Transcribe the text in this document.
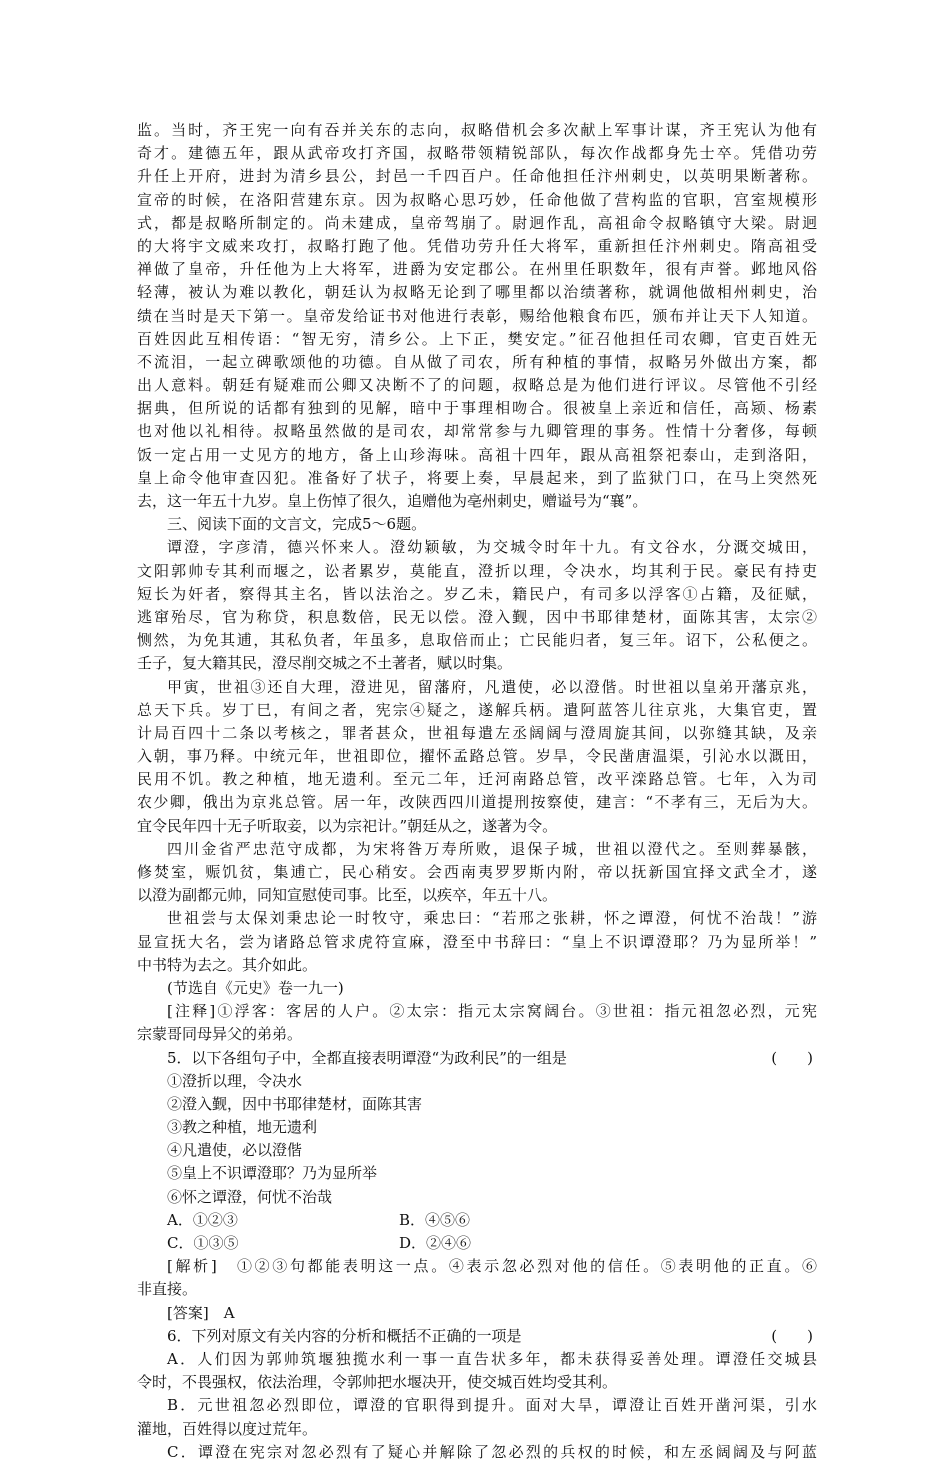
监。当时，齐王宪一向有吞并关东的志向，叔略借机会多次献上军事计谋，齐王宪认为他有
奇才。建德五年，跟从武帝攻打齐国，叔略带领精锐部队，每次作战都身先士卒。凭借功劳
升任上开府，进封为清乡县公，封邑一千四百户。任命他担任汴州刺史，以英明果断著称。
宣帝的时候，在洛阳营建东京。因为叔略心思巧妙，任命他做了营构监的官职，宫室规模形
式，都是叔略所制定的。尚未建成，皇帝驾崩了。尉迥作乱，高祖命令叔略镇守大梁。尉迥
的大将宇文威来攻打，叔略打跑了他。凭借功劳升任大将军，重新担任汴州刺史。隋高祖受
禅做了皇帝，升任他为上大将军，进爵为安定郡公。在州里任职数年，很有声誉。邺地风俗
轻薄，被认为难以教化，朝廷认为叔略无论到了哪里都以治绩著称，就调他做相州刺史，治
绩在当时是天下第一。皇帝发给证书对他进行表彰，赐给他粮食布匹，颁布并让天下人知道。
百姓因此互相传语：“智无穷，清乡公。上下正，樊安定。”征召他担任司农卿，官吏百姓无
不流泪，一起立碑歌颂他的功德。自从做了司农，所有种植的事情，叔略另外做出方案，都
出人意料。朝廷有疑难而公卿又决断不了的问题，叔略总是为他们进行评议。尽管他不引经
据典，但所说的话都有独到的见解，暗中于事理相吻合。很被皇上亲近和信任，高颎、杨素
也对他以礼相待。叔略虽然做的是司农，却常常参与九卿管理的事务。性情十分奢侈，每顿
饭一定占用一丈见方的地方，备上山珍海味。高祖十四年，跟从高祖祭祀泰山，走到洛阳，
皇上命令他审查囚犯。准备好了状子，将要上奏，早晨起来，到了监狱门口，在马上突然死
去，这一年五十九岁。皇上伤悼了很久，追赠他为亳州刺史，赠谥号为“襄”。
三、阅读下面的文言文，完成5～6题。
谭澄，字彦清，德兴怀来人。澄幼颖敏，为交城令时年十九。有文谷水，分溉交城田，
文阳郭帅专其利而堰之，讼者累岁，莫能直，澄折以理，令决水，均其利于民。豪民有持吏
短长为奸者，察得其主名，皆以法治之。岁乙未，籍民户，有司多以浮客①占籍，及征赋，
逃窜殆尽，官为称贷，积息数倍，民无以偿。澄入觐，因中书耶律楚材，面陈其害，太宗②
恻然，为免其逋，其私负者，年虽多，息取倍而止；亡民能归者，复三年。诏下，公私便之。
壬子，复大籍其民，澄尽削交城之不土著者，赋以时集。
甲寅，世祖③还自大理，澄进见，留藩府，凡遣使，必以澄偕。时世祖以皇弟开藩京兆，
总天下兵。岁丁巳，有间之者，宪宗④疑之，遂解兵柄。遣阿蓝答儿往京兆，大集官吏，置
计局百四十二条以考核之，罪者甚众，世祖每遣左丞阔阔与澄周旋其间，以弥缝其缺，及亲
入朝，事乃释。中统元年，世祖即位，擢怀孟路总管。岁旱，令民凿唐温渠，引沁水以溉田，
民用不饥。教之种植，地无遗利。至元二年，迁河南路总管，改平滦路总管。七年，入为司
农少卿，俄出为京兆总管。居一年，改陕西四川道提刑按察使，建言：“不孝有三，无后为大。
宜令民年四十无子听取妾，以为宗祀计。”朝廷从之，遂著为令。
四川金省严忠范守成都，为宋将昝万寿所败，退保子城，世祖以澄代之。至则葬暴骸，
修焚室，赈饥贫，集逋亡，民心稍安。会西南夷罗罗斯内附，帝以抚新国宜择文武全才，遂
以澄为副都元帅，同知宣慰使司事。比至，以疾卒，年五十八。
世祖尝与太保刘秉忠论一时牧守，乘忠曰：“若邢之张耕，怀之谭澄，何忧不治哉！”游
显宣抚大名，尝为诸路总管求虎符宣麻，澄至中书辞曰：“皇上不识谭澄耶？乃为显所举！”
中书特为去之。其介如此。
(节选自《元史》卷一九一)
[注释]①浮客：客居的人户。②太宗：指元太宗窝阔台。③世祖：指元祖忽必烈，元宪
宗蒙哥同母异父的弟弟。
5．以下各组句子中，全都直接表明谭澄“为政利民”的一组是	(　　)
①澄折以理，令决水
②澄入觐，因中书耶律楚材，面陈其害
③教之种植，地无遗利
④凡遣使，必以澄偕
⑤皇上不识谭澄耶？乃为显所举
⑥怀之谭澄，何忧不治哉
A．①②③	B．④⑤⑥
C．①③⑤	D．②④⑥
[解析]　①②③句都能表明这一点。④表示忽必烈对他的信任。⑤表明他的正直。⑥
非直接。
[答案]　A
6．下列对原文有关内容的分析和概括不正确的一项是	(　　)
A．人们因为郭帅筑堰独揽水利一事一直告状多年，都未获得妥善处理。谭澄任交城县
令时，不畏强权，依法治理，令郭帅把水堰决开，使交城百姓均受其利。
B．元世祖忽必烈即位，谭澄的官职得到提升。面对大旱，谭澄让百姓开凿河渠，引水
灌地，百姓得以度过荒年。
C．谭澄在宪宗对忽必烈有了疑心并解除了忽必烈的兵权的时候，和左丞阔阔及与阿蓝
